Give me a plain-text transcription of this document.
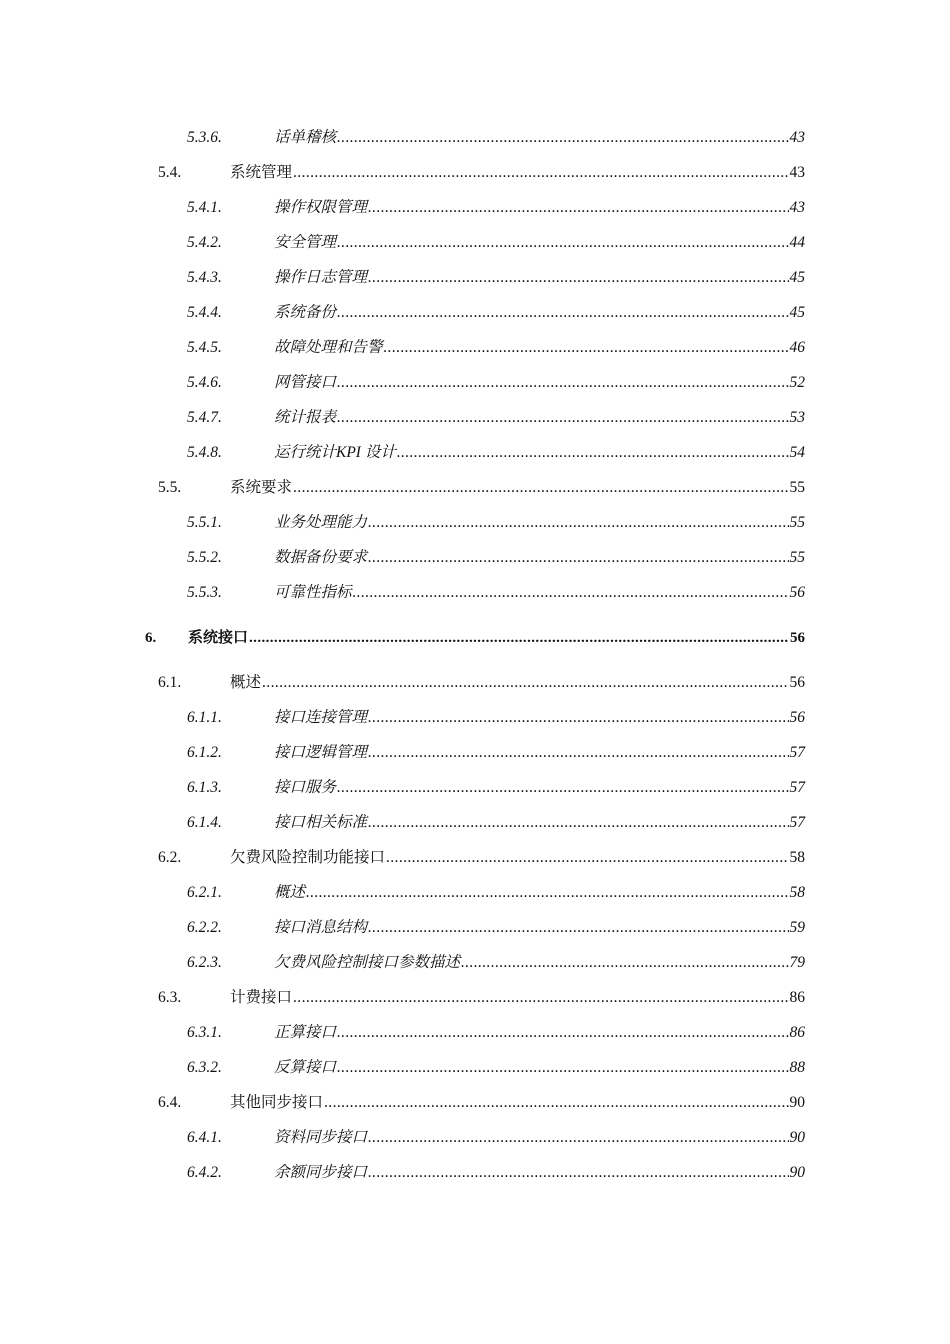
5.3.6.	话单稽核 .....	43
5.4.	系统管理 .....	43
5.4.1.	操作权限管理 .....	43
5.4.2.	安全管理 .....	44
5.4.3.	操作日志管理 .....	45
5.4.4.	系统备份 .....	45
5.4.5.	故障处理和告警 .....	46
5.4.6.	网管接口 .....	52
5.4.7.	统计报表 .....	53
5.4.8.	运行统计KPI 设计 .....	54
5.5.	系统要求 .....	55
5.5.1.	业务处理能力 .....	55
5.5.2.	数据备份要求 .....	55
5.5.3.	可靠性指标 .....	56
6. 系统接口 .....	56
6.1.	概述 .....	56
6.1.1.	接口连接管理 .....	56
6.1.2.	接口逻辑管理 .....	57
6.1.3.	接口服务 .....	57
6.1.4.	接口相关标准 .....	57
6.2.	欠费风险控制功能接口 .....	58
6.2.1.	概述 .....	58
6.2.2.	接口消息结构 .....	59
6.2.3.	欠费风险控制接口参数描述 .....	79
6.3.	计费接口 .....	86
6.3.1.	正算接口 .....	86
6.3.2.	反算接口 .....	88
6.4.	其他同步接口 .....	90
6.4.1.	资料同步接口 .....	90
6.4.2.	余额同步接口 .....	90
